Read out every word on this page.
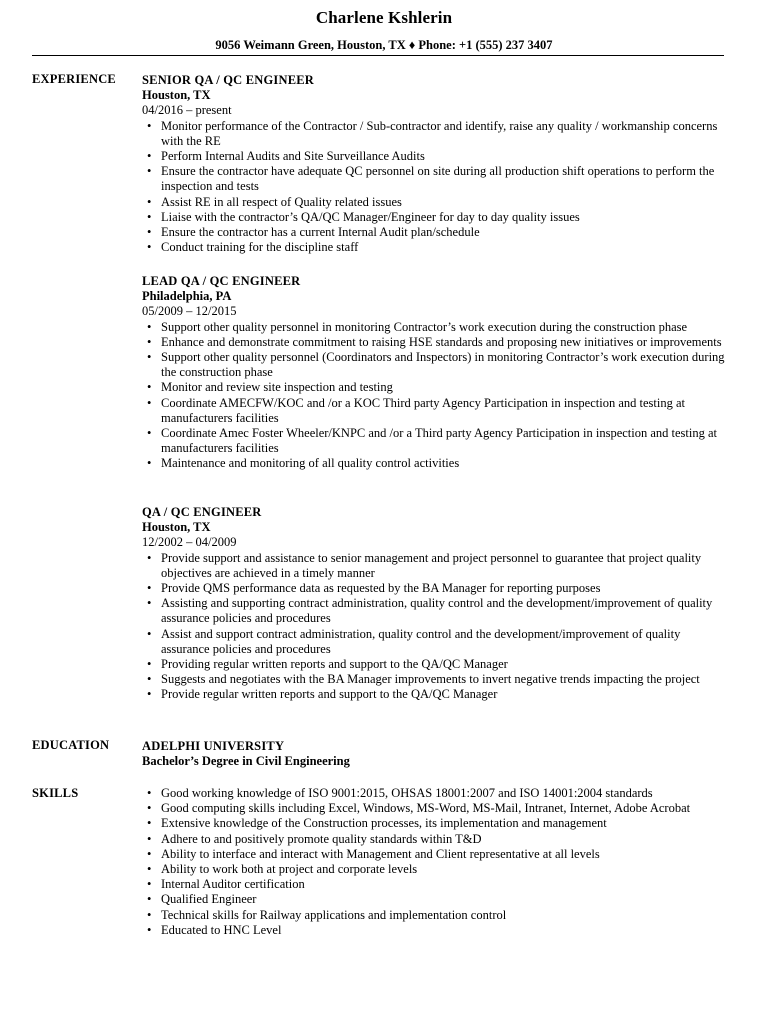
Charlene Kshlerin
9056 Weimann Green, Houston, TX ♦ Phone: +1 (555) 237 3407
EXPERIENCE SENIOR QA / QC ENGINEER
Houston, TX
04/2016 – present
• Monitor performance of the Contractor / Sub-contractor and identify, raise any quality / workmanship concerns with the RE
• Perform Internal Audits and Site Surveillance Audits
• Ensure the contractor have adequate QC personnel on site during all production shift operations to perform the inspection and tests
• Assist RE in all respect of Quality related issues
• Liaise with the contractor’s QA/QC Manager/Engineer for day to day quality issues
• Ensure the contractor has a current Internal Audit plan/schedule
• Conduct training for the discipline staff
LEAD QA / QC ENGINEER
Philadelphia, PA
05/2009 – 12/2015
• Support other quality personnel in monitoring Contractor’s work execution during the construction phase
• Enhance and demonstrate commitment to raising HSE standards and proposing new initiatives or improvements
• Support other quality personnel (Coordinators and Inspectors) in monitoring Contractor’s work execution during the construction phase
• Monitor and review site inspection and testing
• Coordinate AMECFW/KOC and /or a KOC Third party Agency Participation in inspection and testing at manufacturers facilities
• Coordinate Amec Foster Wheeler/KNPC and /or a Third party Agency Participation in inspection and testing at manufacturers facilities
• Maintenance and monitoring of all quality control activities
QA / QC ENGINEER
Houston, TX
12/2002 – 04/2009
• Provide support and assistance to senior management and project personnel to guarantee that project quality objectives are achieved in a timely manner
• Provide QMS performance data as requested by the BA Manager for reporting purposes
• Assisting and supporting contract administration, quality control and the development/improvement of quality assurance policies and procedures
• Assist and support contract administration, quality control and the development/improvement of quality assurance policies and procedures
• Providing regular written reports and support to the QA/QC Manager
• Suggests and negotiates with the BA Manager improvements to invert negative trends impacting the project
• Provide regular written reports and support to the QA/QC Manager
EDUCATION	ADELPHI UNIVERSITY
Bachelor’s Degree in Civil Engineering
SKILLS
•	Good working knowledge of ISO 9001:2015, OHSAS 18001:2007 and ISO 14001:2004 standards
• Good computing skills including Excel, Windows, MS-Word, MS-Mail, Intranet, Internet, Adobe Acrobat
• Extensive knowledge of the Construction processes, its implementation and management
• Adhere to and positively promote quality standards within T&D
• Ability to interface and interact with Management and Client representative at all levels
• Ability to work both at project and corporate levels
• Internal Auditor certification
• Qualified Engineer
• Technical skills for Railway applications and implementation control
• Educated to HNC Level
